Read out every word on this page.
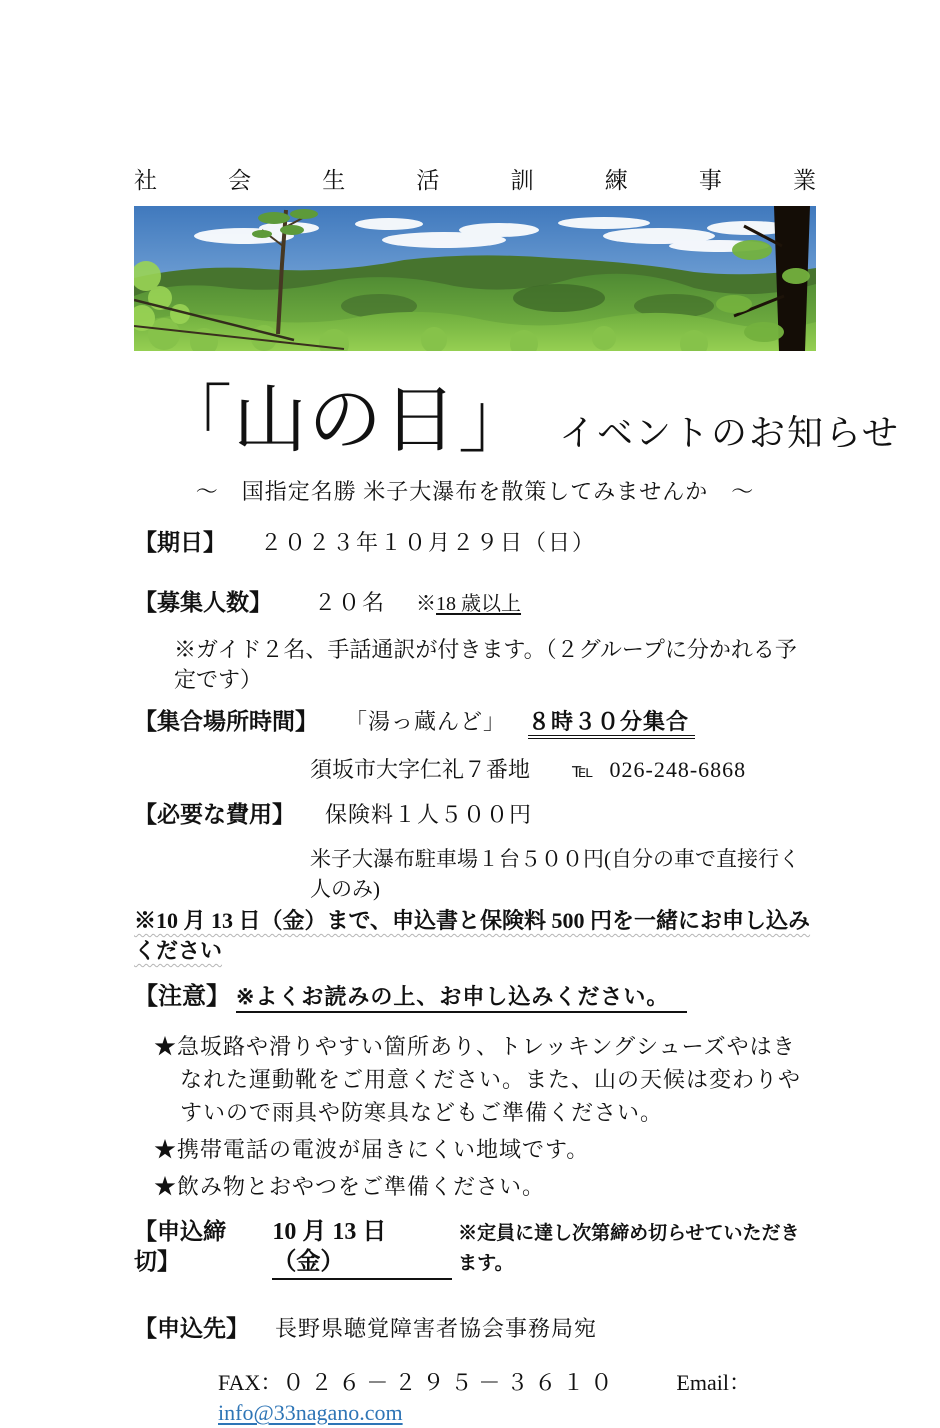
社会生活訓練事業
「山の日」 イベントのお知らせ
～　国指定名勝 米子大瀑布を散策してみませんか　～
【期日】 ２０２３年１０月２９日（日）
【募集人数】 ２０名 ※18 歳以上
※ガイド２名、手話通訳が付きます。（２グループに分かれる予定です）
【集合場所時間】 「湯っ蔵んど」 ８時３０分集合
須坂市大字仁礼７番地 ℡ 026-248-6868
【必要な費用】 保険料１人５００円
米子大瀑布駐車場１台５００円(自分の車で直接行く人のみ)
※10 月 13 日（金）まで、申込書と保険料 500 円を一緒にお申し込みください
【注意】 ※よくお読みの上、お申し込みください。
★急坂路や滑りやすい箇所あり、トレッキングシューズやはきなれた運動靴をご用意ください。また、山の天候は変わりやすいので雨具や防寒具などもご準備ください。
★携帯電話の電波が届きにくい地域です。
★飲み物とおやつをご準備ください。
【申込締切】
10 月 13 日（金）
※定員に達し次第締め切らせていただきます。
【申込先】 長野県聴覚障害者協会事務局宛
FAX：０２６－２９５－３６１０	Email：info@33nagano.com
